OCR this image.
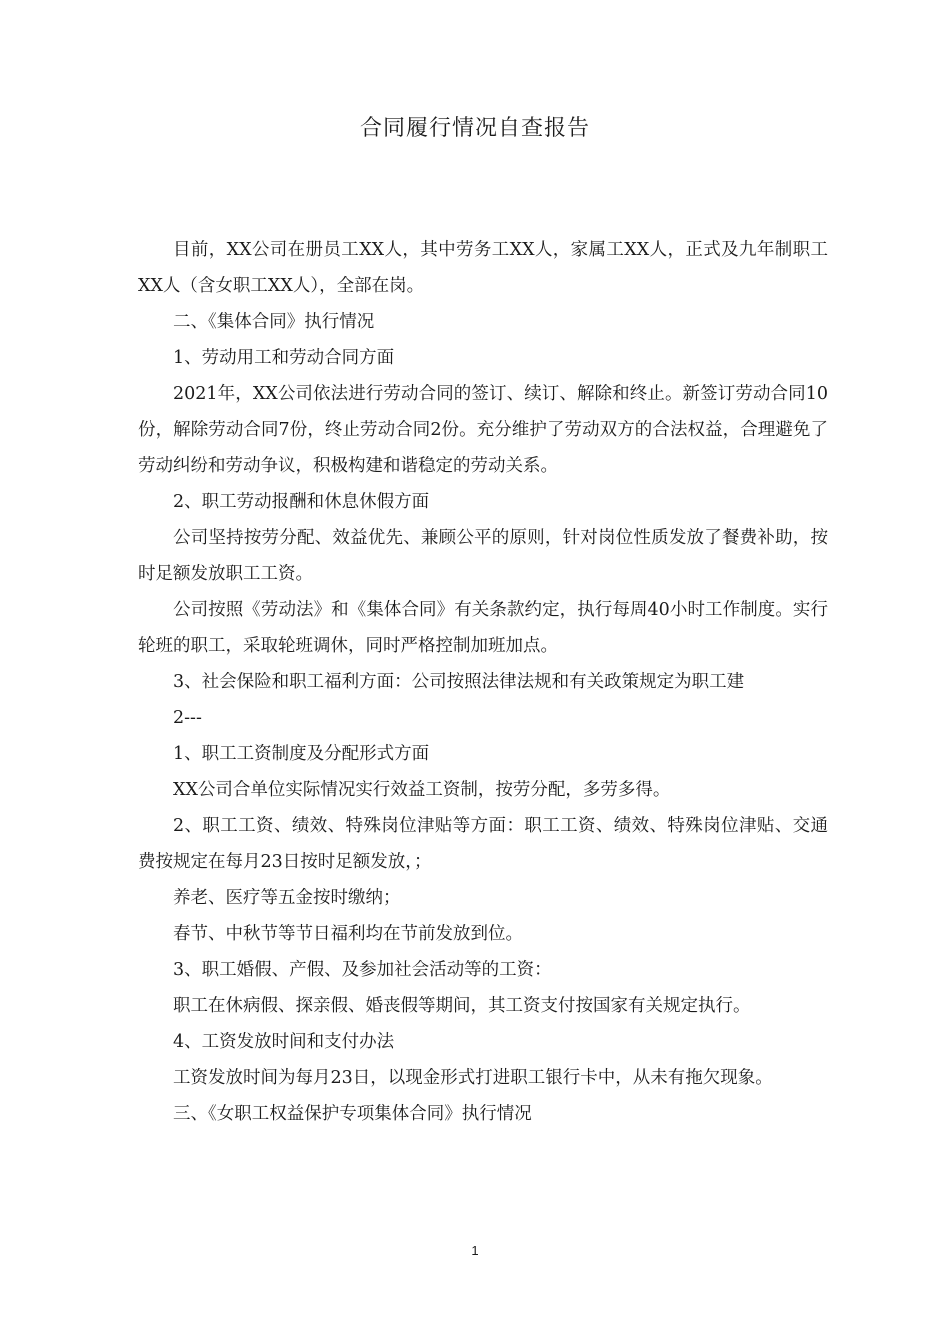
合同履行情况自查报告

目前，XX公司在册员工XX人，其中劳务工XX人，家属工XX人，正式及九年制职工XX人（含女职工XX人），全部在岗。

二、《集体合同》执行情况

1、劳动用工和劳动合同方面

2021年，XX公司依法进行劳动合同的签订、续订、解除和终止。新签订劳动合同10份，解除劳动合同7份，终止劳动合同2份。充分维护了劳动双方的合法权益，合理避免了劳动纠纷和劳动争议，积极构建和谐稳定的劳动关系。

2、职工劳动报酬和休息休假方面

公司坚持按劳分配、效益优先、兼顾公平的原则，针对岗位性质发放了餐费补助，按时足额发放职工工资。

公司按照《劳动法》和《集体合同》有关条款约定，执行每周40小时工作制度。实行轮班的职工，采取轮班调休，同时严格控制加班加点。

3、社会保险和职工福利方面：公司按照法律法规和有关政策规定为职工建

2---

1、职工工资制度及分配形式方面

XX公司合单位实际情况实行效益工资制，按劳分配，多劳多得。

2、职工工资、绩效、特殊岗位津贴等方面：职工工资、绩效、特殊岗位津贴、交通费按规定在每月23日按时足额发放，；

养老、医疗等五金按时缴纳；

春节、中秋节等节日福利均在节前发放到位。

3、职工婚假、产假、及参加社会活动等的工资：

职工在休病假、探亲假、婚丧假等期间，其工资支付按国家有关规定执行。

4、工资发放时间和支付办法

工资发放时间为每月23日，以现金形式打进职工银行卡中，从未有拖欠现象。

三、《女职工权益保护专项集体合同》执行情况

1
